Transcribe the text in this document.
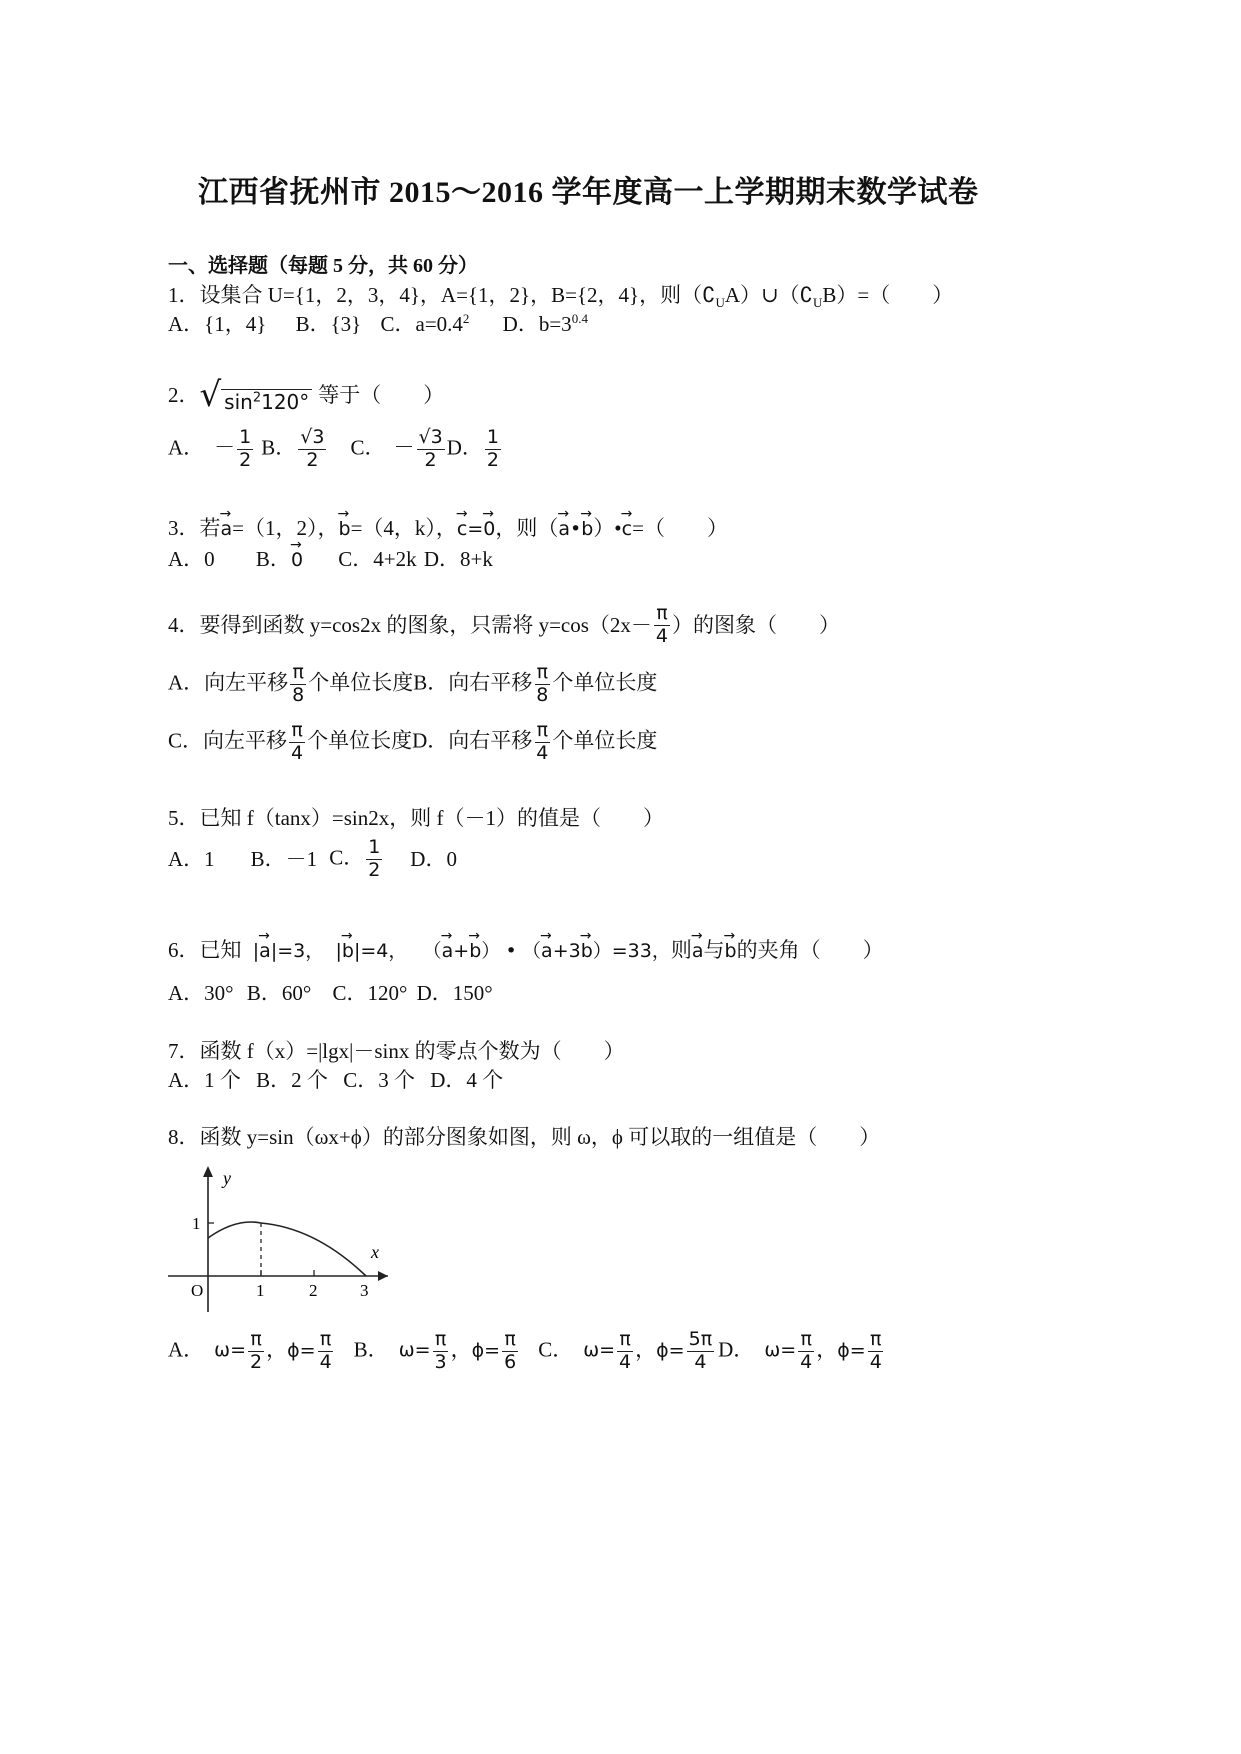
江西省抚州市 2015～2016 学年度高一上学期期末数学试卷
一、选择题（每题 5 分，共 60 分）
1．设集合 U={1，2，3，4}，A={1，2}，B={2，4}，则$(∁_UA)\cup(∁_UB)=$（　　）
A．{1，4} B．{3} C．$a=0.4^2$ D．$b=3^{0.4}$
2． √ $\sin^2120^\circ$ 等于（　　）
A． － $\frac{1}{2}$ B． $\frac{√3}{2}$ C． － $\frac{√3}{2}$ D． $\frac{1}{2}$
3．若→ a=（1，2），→ b=（4，k），→ c=→ 0，则（→ a•→ b）•→ c=（　　）
A．0 B．→ 0 C．4+2k D．8+k
4．要得到函数 y=cos2x 的图象，只需将 $y=\cos(2x- \frac{\pi}{4}$ ）的图象（　　）
A．向左平移 $\frac{\pi}{8}$ 个单位长度 B．向右平移 $\frac{\pi}{8}$ 个单位长度
C．向左平移 $\frac{\pi}{4}$ 个单位长度 D．向右平移 $\frac{\pi}{4}$ 个单位长度
5．已知 f（tanx）=sin2x，则 f（－1）的值是（　　）
A．1 B．－1 C． $\frac{1}{2}$ D．0
6．已知 |→ a|=3， |→ b|=4， （→ a+→ b） • （→ a+3→ b）=33，则→ a与→ b的夹角（　　）
A．30° B．60° C．120° D．150°
7．函数 f（x）=|lgx|－sinx 的零点个数为（　　）
A．1 个 B．2 个 C．3 个 D．4 个
8．函数 y=sin（ωx+ϕ）的部分图象如图，则 ω，ϕ 可以取的一组值是（　　）
y
x
O
1
1	2	3
A． $\omega= \frac{\pi}{2}$ ，$\phi= \frac{\pi}{4}$ B． $\omega= \frac{\pi}{3}$ ，$\phi= \frac{\pi}{6}$ C． $\omega= \frac{\pi}{4}$ ，$\phi= \frac{5\pi}{4}$ D． $\omega= \frac{\pi}{4}$ ，$\phi= \frac{\pi}{4}$
